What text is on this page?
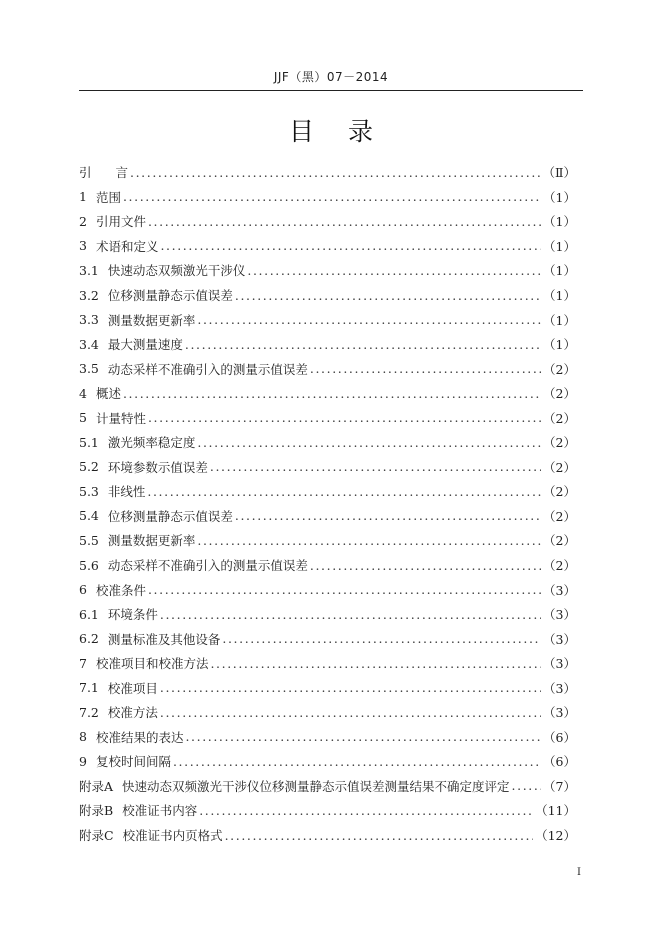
JJF（黑）07－2014
目录
引 言 .....	（Ⅱ）
1 范围 .....	（1）
2 引用文件 .....	（1）
3 术语和定义 .....	（1）
3.1 快速动态双频激光干涉仪 .....	（1）
3.2 位移测量静态示值误差 .....	（1）
3.3 测量数据更新率 .....	（1）
3.4 最大测量速度 .....	（1）
3.5 动态采样不准确引入的测量示值误差 .....	（2）
4 概述 .....	（2）
5 计量特性 .....	（2）
5.1 激光频率稳定度 .....	（2）
5.2 环境参数示值误差 .....	（2）
5.3 非线性 .....	（2）
5.4 位移测量静态示值误差 .....	（2）
5.5 测量数据更新率 .....	（2）
5.6 动态采样不准确引入的测量示值误差 .....	（2）
6 校准条件 .....	（3）
6.1 环境条件 .....	（3）
6.2 测量标准及其他设备 .....	（3）
7 校准项目和校准方法 .....	（3）
7.1 校准项目 .....	（3）
7.2 校准方法 .....	（3）
8 校准结果的表达 .....	（6）
9 复校时间间隔 .....	（6）
附录A 快速动态双频激光干涉仪位移测量静态示值误差测量结果不确定度评定 .....	（7）
附录B 校准证书内容 .....	（11）
附录C 校准证书内页格式 .....	（12）
I
